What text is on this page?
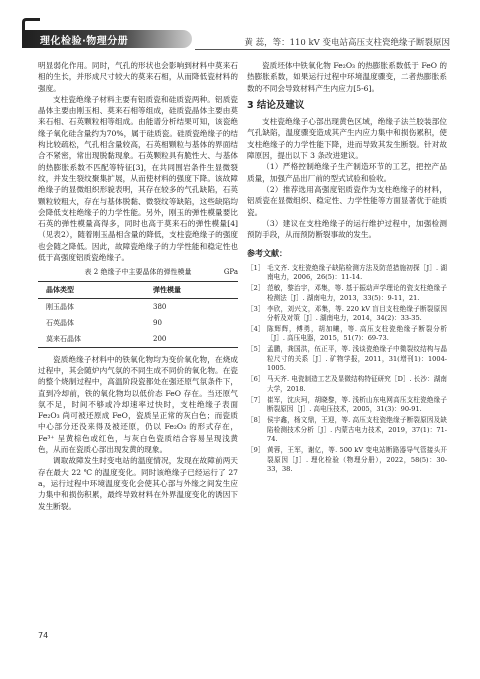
理化检验·物理分册	黄 蕊，等：110 kV 变电站高压支柱瓷绝缘子断裂原因

明显弱化作用。同时，气孔的形状也会影响到材料中莫来石相的生长，并形成尺寸较大的莫来石相，从而降低瓷材料的强度。

支柱瓷绝缘子材料主要有铝质瓷和硅质瓷两种。铝质瓷晶体主要由刚玉相、莫来石相等组成，硅质瓷晶体主要由莫来石相、石英颗粒相等组成。由能谱分析结果可知，该瓷绝缘子氧化硅含量约为70%，属于硅质瓷。硅质瓷绝缘子的结构比较疏松，气孔相含量较高，石英相颗粒与基体的界面结合不紧密，常出现脱黏现象。石英颗粒具有脆性大、与基体的热膨胀系数不匹配等特征[3]，在共同围岩条件生显微裂纹，并发生裂纹聚集扩展，从而使材料的强度下降。该故障绝缘子的显微组织形貌表明，其存在较多的气孔缺陷，石英颗粒较粗大，存在与基体脱黏、微裂纹等缺陷，这些缺陷均会降低支柱绝缘子的力学性能。另外，刚玉的弹性模量要比石英的弹性模量高得多，同时也高于莫来石的弹性模量[4]（见表2），随着刚玉晶相含量的降低，支柱瓷绝缘子的强度也会随之降低。因此，故障瓷绝缘子的力学性能和稳定性也低于高强度铝质瓷绝缘子。

表 2 绝缘子中主要晶体的弹性模量	GPa
晶体类型	弹性模量
刚玉晶体	380
石英晶体	90
莫来石晶体	200

瓷质绝缘子材料中的铁氧化物均为变价氧化物，在烧成过程中，其会随炉内气氛的不同生成不同价的氧化物。在瓷的整个烧制过程中，高温阶段瓷都处在强还原气氛条件下，直到冷却前，铁的氧化物均以低价态 FeO 存在。当还原气氛不足，时间不够或冷却速率过快时，支柱绝缘子表面 Fe₂O₃ 尚可被还原成 FeO，瓷质呈正常的灰白色；而瓷质中心部分还没来得及被还原，仍以 Fe₂O₃ 的形式存在，Fe³⁺ 呈黄棕色或红色，与灰白色瓷质结合容易呈现浅黄色，从而在瓷质心部出现发黄的现象。

调取故障发生时变电站的温度情况，发现在故障前两天存在最大 22 ℃ 的温度变化。同时该绝缘子已经运行了 27 a，运行过程中环境温度变化会使其心部与外缘之间发生应力集中和损伤积累，最终导致材料在外界温度变化的诱因下发生断裂。

瓷质坯体中铁氧化物 Fe₂O₃ 的热膨胀系数低于 FeO 的热膨胀系数，如果运行过程中环境温度骤变，二者热膨胀系数的不同会导致材料产生内应力[5-6]。

3 结论及建议

支柱瓷绝缘子心部出现黄色区域，绝缘子法兰胶装部位气孔缺陷，温度骤变造成其产生内应力集中和损伤累积，使支柱绝缘子的力学性能下降，进而导致其发生断裂。针对故障原因，提出以下 3 条改进建议。

（1）严格控制绝缘子生产制造环节的工艺，把控产品质量，加强产品出厂前的型式试验和验收。

（2）推荐选用高强度铝质瓷作为支柱绝缘子的材料，铝质瓷在显微组织、稳定性、力学性能等方面显著优于硅质瓷。

（3）建议在支柱绝缘子的运行维护过程中，加强检测预防手段，从而预防断裂事故的发生。

参考文献：
［1］ 毛文齐. 支柱瓷绝缘子缺陷检测方法及防范措施初探［J］. 湖南电力，2006，26(5)：11-14.
［2］ 范敏，黎治宇，邓集，等. 基于振动声学理论的瓷支柱绝缘子检测法［J］. 湖南电力，2013，33(5)：9-11，21.
［3］ 李欣，刘兴文，邓集，等. 220 kV 盲目支柱绝缘子断裂原因分析及对策［J］. 湖南电力，2014，34(2)：33-35.
［4］ 陈辉辉，傅勇，胡加曦，等. 高压支柱瓷绝缘子断裂分析［J］. 高压电器，2015，51(7)：69-73.
［5］ 孟鹏，龚国洪，伍正平，等. 浅谈瓷绝缘子中微裂纹结构与晶粒尺寸的关系［J］. 矿物学报，2011，31(增刊1)：1004-1005.
［6］ 马天齐. 电瓷制造工艺及显微结构特征研究［D］. 长沙：湖南大学，2018.
［7］ 崔军，沈庆珂，胡晓黎，等. 浅析山东电网高压支柱瓷绝缘子断裂原因［J］. 高电压技术，2005，31(3)：90-91.
［8］ 侯宇鑫，杨文鼎，王迎，等. 高压支柱瓷绝缘子断裂原因及缺陷检测技术分析［J］. 内蒙古电力技术，2019，37(1)：71-74.
［9］ 黄蓉，王军，谢亿，等. 500 kV 变电站断路器导气管接头开裂原因［J］. 理化检验（物理分册），2022，58(5)：30-33，38.
74
